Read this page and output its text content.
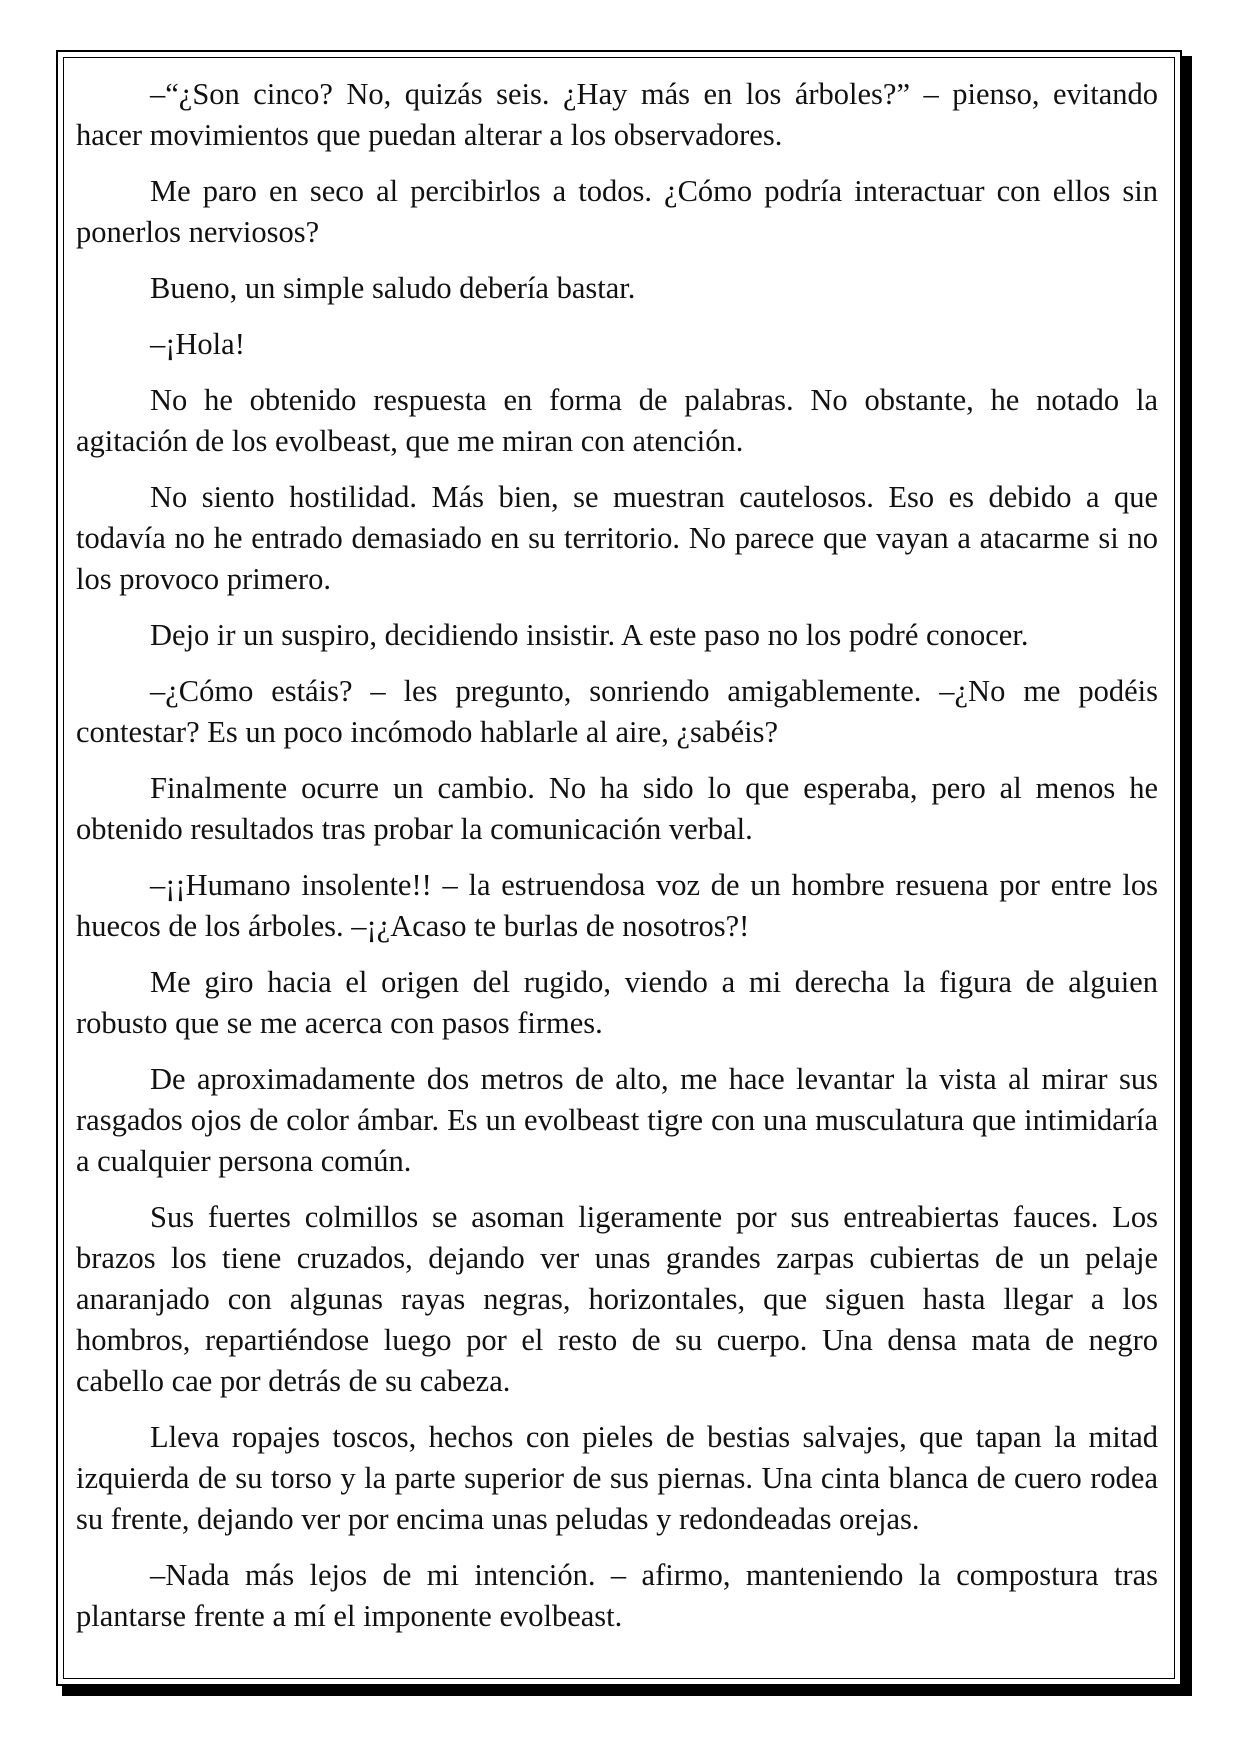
–“¿Son cinco? No, quizás seis. ¿Hay más en los árboles?” – pienso, evitando hacer movimientos que puedan alterar a los observadores.

Me paro en seco al percibirlos a todos. ¿Cómo podría interactuar con ellos sin ponerlos nerviosos?

Bueno, un simple saludo debería bastar.

–¡Hola!

No he obtenido respuesta en forma de palabras. No obstante, he notado la agitación de los evolbeast, que me miran con atención.

No siento hostilidad. Más bien, se muestran cautelosos. Eso es debido a que todavía no he entrado demasiado en su territorio. No parece que vayan a atacarme si no los provoco primero.

Dejo ir un suspiro, decidiendo insistir. A este paso no los podré conocer.

–¿Cómo estáis? – les pregunto, sonriendo amigablemente. –¿No me podéis contestar? Es un poco incómodo hablarle al aire, ¿sabéis?

Finalmente ocurre un cambio. No ha sido lo que esperaba, pero al menos he obtenido resultados tras probar la comunicación verbal.

–¡¡Humano insolente!! – la estruendosa voz de un hombre resuena por entre los huecos de los árboles. –¡¿Acaso te burlas de nosotros?!

Me giro hacia el origen del rugido, viendo a mi derecha la figura de alguien robusto que se me acerca con pasos firmes.

De aproximadamente dos metros de alto, me hace levantar la vista al mirar sus rasgados ojos de color ámbar. Es un evolbeast tigre con una musculatura que intimidaría a cualquier persona común.

Sus fuertes colmillos se asoman ligeramente por sus entreabiertas fauces. Los brazos los tiene cruzados, dejando ver unas grandes zarpas cubiertas de un pelaje anaranjado con algunas rayas negras, horizontales, que siguen hasta llegar a los hombros, repartiéndose luego por el resto de su cuerpo. Una densa mata de negro cabello cae por detrás de su cabeza.

Lleva ropajes toscos, hechos con pieles de bestias salvajes, que tapan la mitad izquierda de su torso y la parte superior de sus piernas. Una cinta blanca de cuero rodea su frente, dejando ver por encima unas peludas y redondeadas orejas.

–Nada más lejos de mi intención. – afirmo, manteniendo la compostura tras plantarse frente a mí el imponente evolbeast.
